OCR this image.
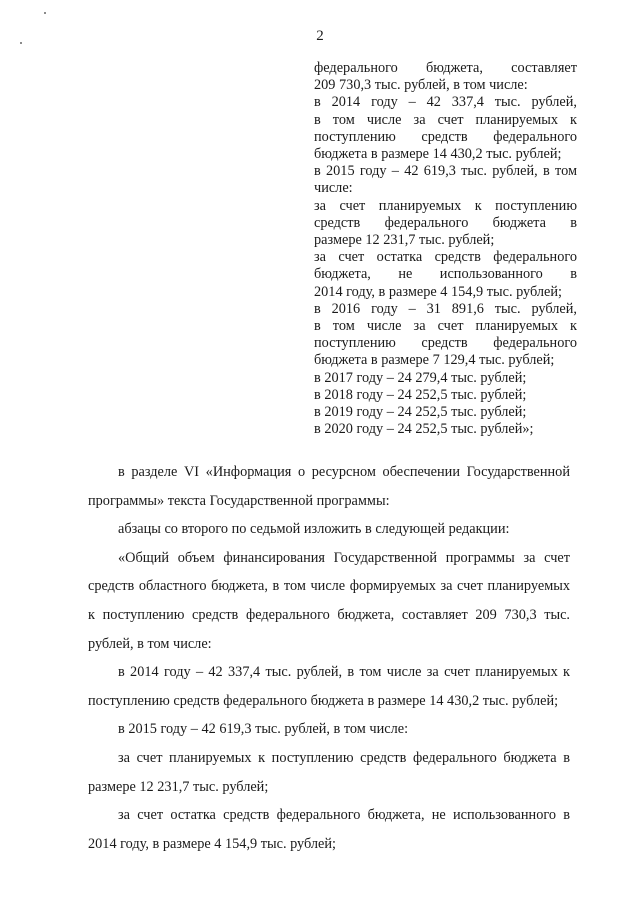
2

федерального бюджета, составляет

209 730,3 тыс. рублей, в том числе:

в 2014 году – 42 337,4 тыс. рублей,

в том числе за счет планируемых к

поступлению средств федерального

бюджета в размере 14 430,2 тыс. рублей;

в 2015 году – 42 619,3 тыс. рублей, в том

числе:

за счет планируемых к поступлению

средств федерального бюджета в

размере 12 231,7 тыс. рублей;

за счет остатка средств федерального

бюджета, не использованного в

2014 году, в размере 4 154,9 тыс. рублей;

в 2016 году – 31 891,6 тыс. рублей,

в том числе за счет планируемых к

поступлению средств федерального

бюджета в размере 7 129,4 тыс. рублей;

в 2017 году – 24 279,4 тыс. рублей;

в 2018 году – 24 252,5 тыс. рублей;

в 2019 году – 24 252,5 тыс. рублей;

в 2020 году – 24 252,5 тыс. рублей»;

в разделе VI «Информация о ресурсном обеспечении Государственной программы» текста Государственной программы:

абзацы со второго по седьмой изложить в следующей редакции:

«Общий объем финансирования Государственной программы за счет средств областного бюджета, в том числе формируемых за счет планируемых к поступлению средств федерального бюджета, составляет 209 730,3 тыс. рублей, в том числе:

в 2014 году – 42 337,4 тыс. рублей, в том числе за счет планируемых к поступлению средств федерального бюджета в размере 14 430,2 тыс. рублей;

в 2015 году – 42 619,3 тыс. рублей, в том числе:

за счет планируемых к поступлению средств федерального бюджета в размере 12 231,7 тыс. рублей;

за счет остатка средств федерального бюджета, не использованного в 2014 году, в размере 4 154,9 тыс. рублей;
